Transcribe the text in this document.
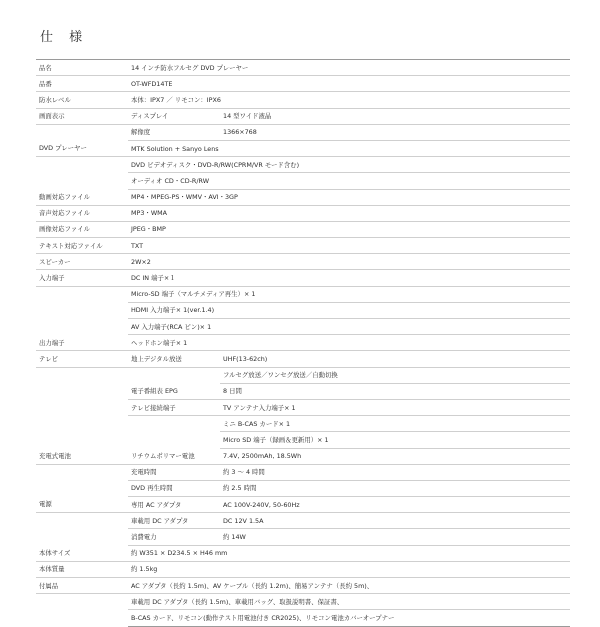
仕 様
品名	14 インチ防水フルセグ DVD プレーヤー	
品番	OT-WFD14TE	
防水レベル	本体：IPX7 ／ リモコン：IPX6	
画面表示	ディスプレイ	14 型ワイド液晶
	解像度	1366×768
DVD プレーヤー	MTK Solution + Sanyo Lens	
	DVD ビデオディスク・DVD-R/RW(CPRM/VR モード含む)	
	オーディオ CD・CD-R/RW	
動画対応ファイル	MP4・MPEG-PS・WMV・AVI・3GP	
音声対応ファイル	MP3・WMA	
画像対応ファイル	JPEG・BMP	
テキスト対応ファイル	TXT	
スピーカー	2W×2	
入力端子	DC IN 端子×１	
	Micro-SD 端子（マルチメディア再生）× 1	
	HDMI 入力端子× 1(ver.1.4)	
	AV 入力端子(RCA ピン)× 1	
出力端子	ヘッドホン端子× 1	
テレビ	地上デジタル放送	UHF(13-62ch)
		フルセグ放送／ワンセグ放送／自動切換
	電子番組表 EPG	8 日間
	テレビ接続端子	TV アンテナ入力端子× 1
		ミニ B-CAS カード× 1
		Micro SD 端子（録画＆更新用）× 1
充電式電池	リチウムポリマー電池	7.4V, 2500mAh, 18.5Wh
	充電時間	約 3 ～ 4 時間
	DVD 再生時間	約 2.5 時間
電源	専用 AC アダプタ	AC 100V-240V, 50-60Hz
	車載用 DC アダプタ	DC 12V 1.5A
	消費電力	約 14W
本体サイズ	約 W351 × D234.5 × H46 mm	
本体質量	約 1.5kg	
付属品	AC アダプタ（長約 1.5m)、AV ケーブル（長約 1.2m)、簡易アンテナ（長約 5m)、	
	車載用 DC アダプタ（長約 1.5m)、車載用バッグ、取扱説明書、保証書、	
	B-CAS カード、リモコン(動作テスト用電池付き CR2025)、リモコン電池カバーオープナー	
